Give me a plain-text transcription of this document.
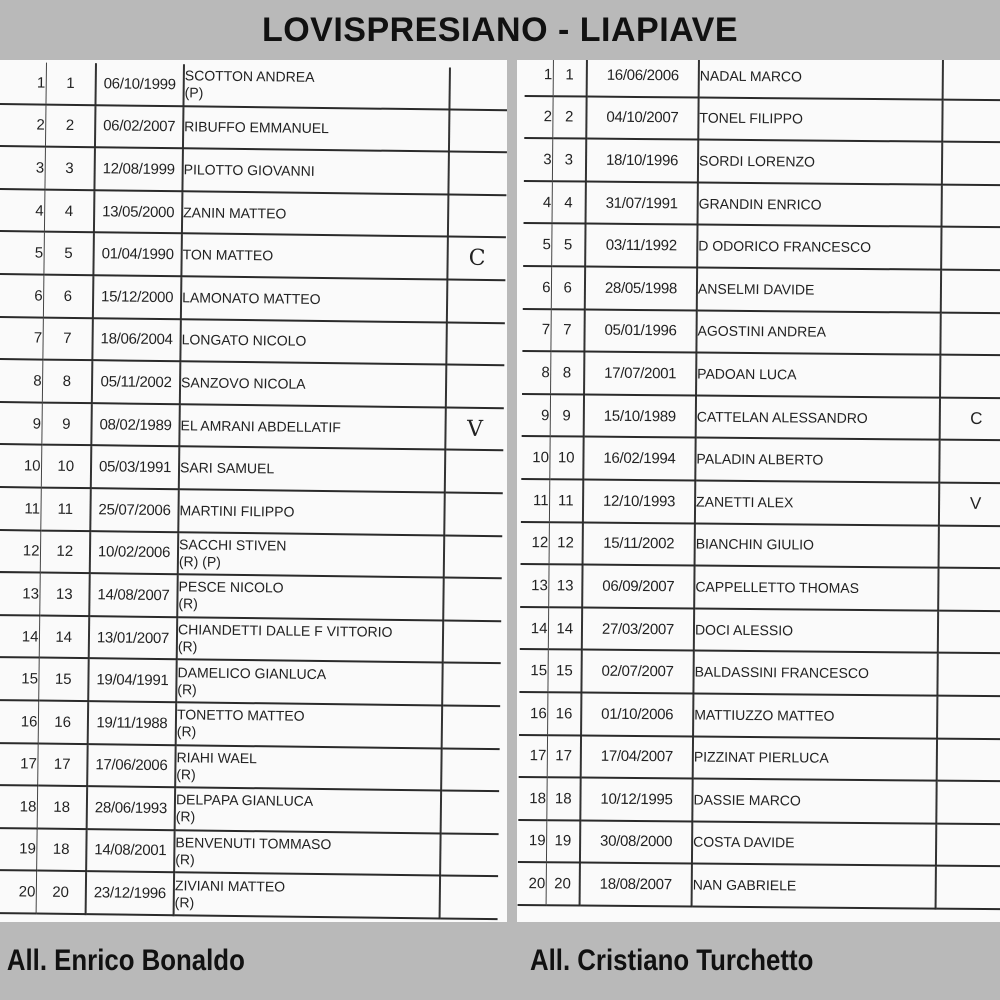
LOVISPRESIANO - LIAPIAVE
1	1	06/10/1999	SCOTTON ANDREA
(P)	

2	2	06/02/2007	RIBUFFO EMMANUEL	
3	3	12/08/1999	PILOTTO GIOVANNI	
4	4	13/05/2000	ZANIN MATTEO	
5	5	01/04/1990	TON MATTEO	C
6	6	15/12/2000	LAMONATO MATTEO	
7	7	18/06/2004	LONGATO NICOLO	
8	8	05/11/2002	SANZOVO NICOLA	
9	9	08/02/1989	EL AMRANI ABDELLATIF	V
10	10	05/03/1991	SARI SAMUEL	
11	11	25/07/2006	MARTINI FILIPPO	
12	12	10/02/2006	SACCHI STIVEN
(R) (P)	

13	13	14/08/2007	PESCE NICOLO
(R)	

14	14	13/01/2007	CHIANDETTI DALLE F VITTORIO
(R)	

15	15	19/04/1991	DAMELICO GIANLUCA
(R)	

16	16	19/11/1988	TONETTO MATTEO
(R)	

17	17	17/06/2006	RIAHI WAEL
(R)	

18	18	28/06/1993	DELPAPA GIANLUCA
(R)	

19	18	14/08/2001	BENVENUTI TOMMASO
(R)	

20	20	23/12/1996	ZIVIANI MATTEO
(R)	

1	1	16/06/2006	NADAL MARCO	
2	2	04/10/2007	TONEL FILIPPO	
3	3	18/10/1996	SORDI LORENZO	
4	4	31/07/1991	GRANDIN ENRICO	
5	5	03/11/1992	D ODORICO FRANCESCO	
6	6	28/05/1998	ANSELMI DAVIDE	
7	7	05/01/1996	AGOSTINI ANDREA	
8	8	17/07/2001	PADOAN LUCA	
9	9	15/10/1989	CATTELAN ALESSANDRO	C
10	10	16/02/1994	PALADIN ALBERTO	
11	11	12/10/1993	ZANETTI ALEX	V
12	12	15/11/2002	BIANCHIN GIULIO	
13	13	06/09/2007	CAPPELLETTO THOMAS	
14	14	27/03/2007	DOCI ALESSIO	
15	15	02/07/2007	BALDASSINI FRANCESCO	
16	16	01/10/2006	MATTIUZZO MATTEO	
17	17	17/04/2007	PIZZINAT PIERLUCA	
18	18	10/12/1995	DASSIE MARCO	
19	19	30/08/2000	COSTA DAVIDE	
20	20	18/08/2007	NAN GABRIELE	
All. Enrico Bonaldo	All. Cristiano Turchetto
